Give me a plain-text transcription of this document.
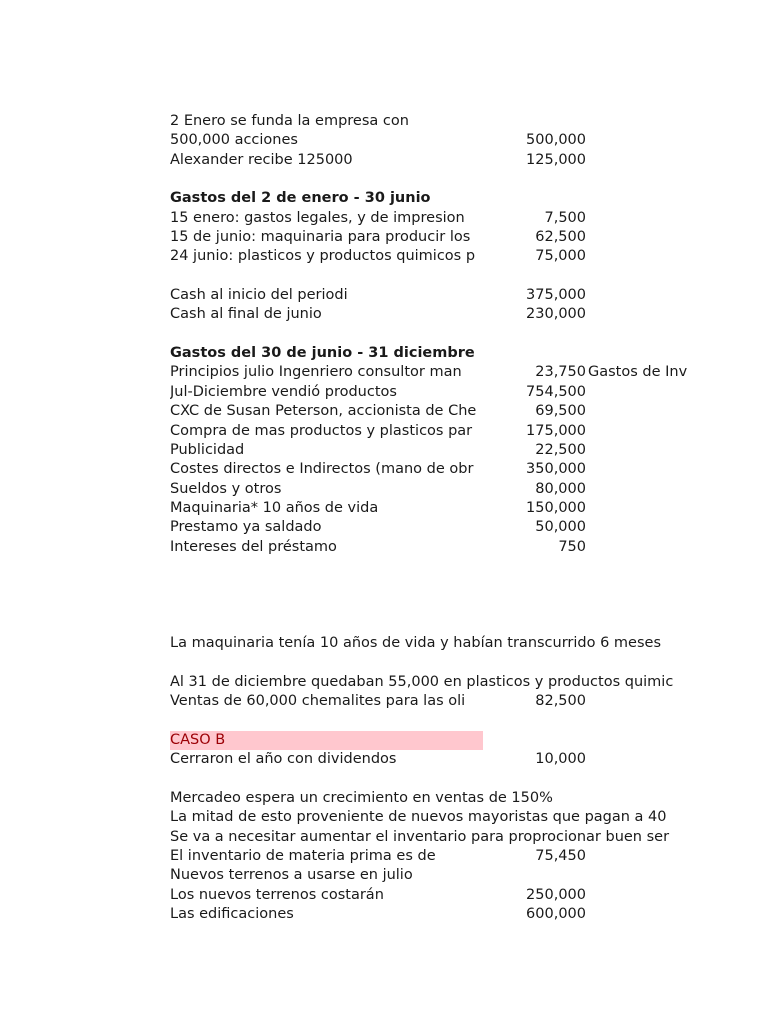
2 Enero se funda la empresa con
500,000 acciones	500,000
Alexander recibe 125000	125,000
Gastos del 2 de enero - 30 junio
15 enero: gastos legales, y de impresion	7,500
15 de junio: maquinaria para producir los	62,500
24 junio: plasticos y productos quimicos p	75,000
Cash al inicio del periodi	375,000
Cash al final de junio	230,000
Gastos del 30 de junio - 31 diciembre
Principios julio Ingenriero consultor man	23,750 Gastos de Inv
Jul-Diciembre vendió productos	754,500
CXC de Susan Peterson, accionista de Che	69,500
Compra de mas productos y plasticos par	175,000
Publicidad	22,500
Costes directos e Indirectos (mano de obr	350,000
Sueldos y otros	80,000
Maquinaria* 10 años de vida	150,000
Prestamo ya saldado	50,000
Intereses del préstamo	750
La maquinaria tenía 10 años de vida y habían transcurrido 6 meses
Al 31 de diciembre quedaban 55,000 en plasticos y productos quimic
Ventas de 60,000 chemalites para las oli	82,500
CASO B
Cerraron el año con dividendos	10,000
Mercadeo espera un crecimiento en ventas de 150%
La mitad de esto proveniente de nuevos mayoristas que pagan a 40
Se va a necesitar aumentar el inventario para proprocionar buen ser
El inventario de materia prima es de	75,450
Nuevos terrenos a usarse en julio
Los nuevos terrenos costarán	250,000
Las edificaciones	600,000
